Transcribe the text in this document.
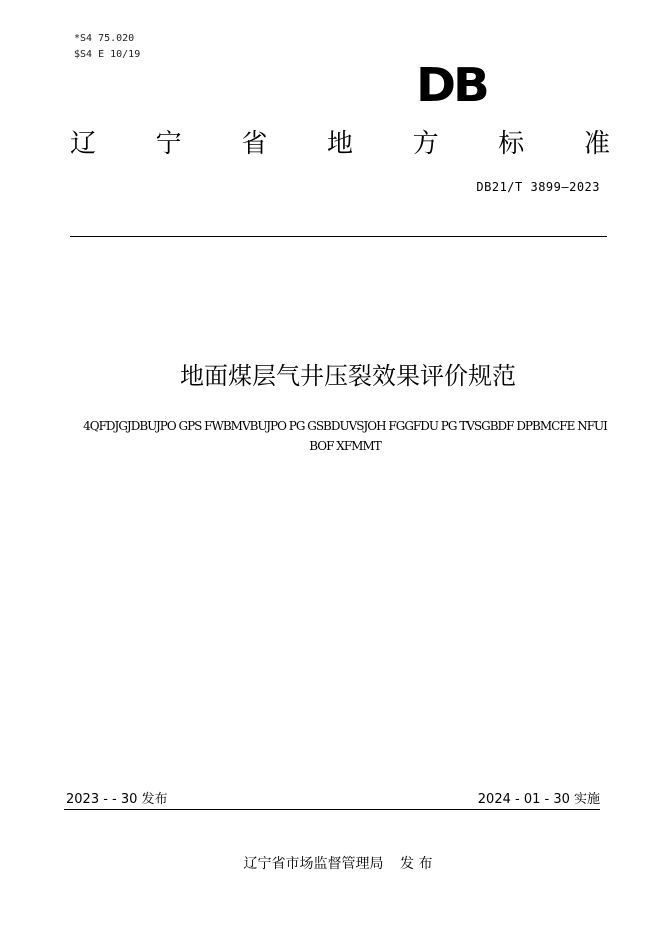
*S4 75.020
$S4 E 10/19
DB
辽 宁 省 地 方 标 准
DB21/T 3899—2023
地面煤层气井压裂效果评价规范
4QFDJGJDBUJPO GPS FWBMVBUJPO PG GSBDUVSJOH FGGFDU PG TVSGBDF DPBMCFE NFUIBOF XFMMT
2023 - - 30 发布	2024 - 01 - 30 实施
辽宁省市场监督管理局 发 布
